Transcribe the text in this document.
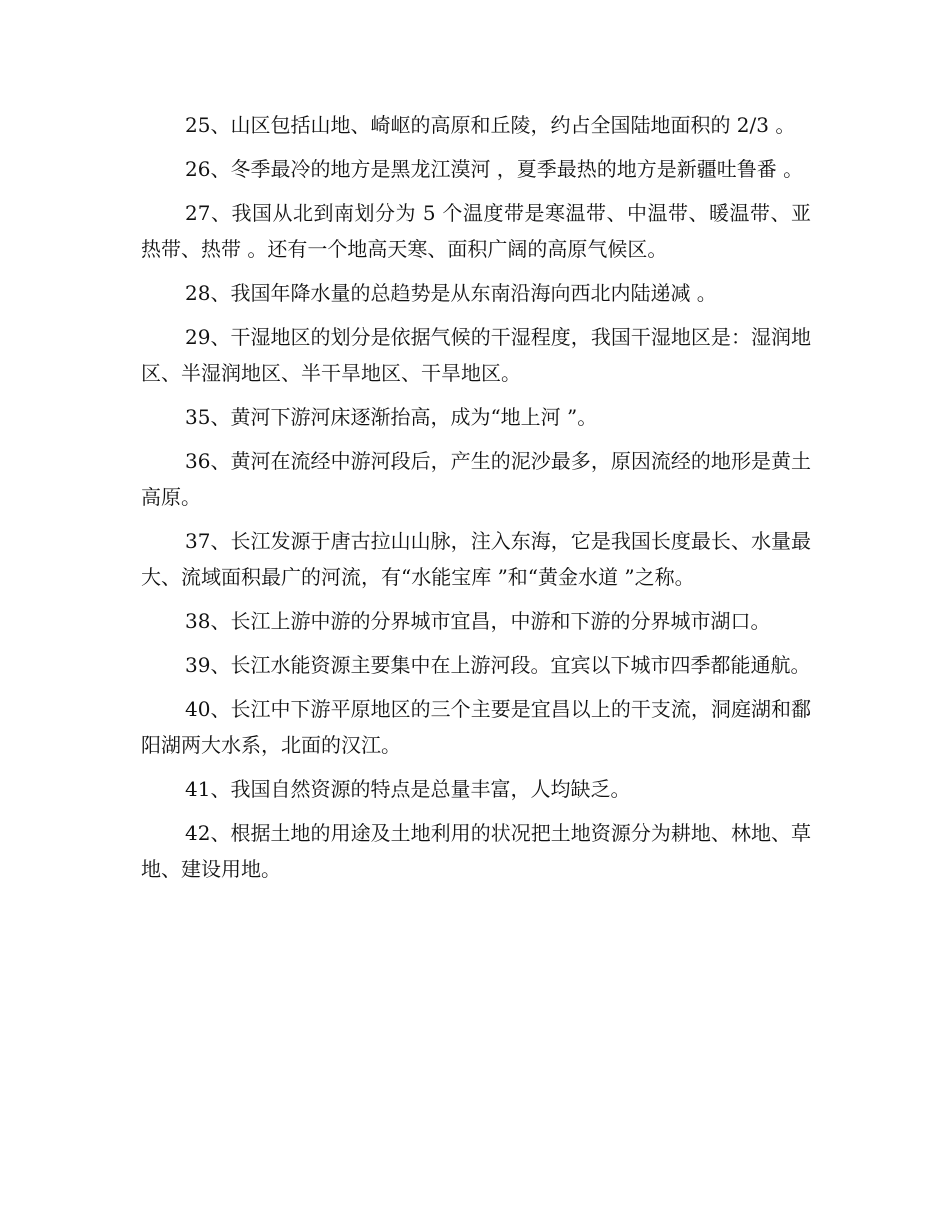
25、山区包括山地、崎岖的高原和丘陵，约占全国陆地面积的 2/3 。

26、冬季最冷的地方是黑龙江漠河 ，夏季最热的地方是新疆吐鲁番 。

27、我国从北到南划分为 5 个温度带是寒温带、中温带、暖温带、亚热带、热带 。还有一个地高天寒、面积广阔的高原气候区。

28、我国年降水量的总趋势是从东南沿海向西北内陆递减 。

29、干湿地区的划分是依据气候的干湿程度，我国干湿地区是：湿润地区、半湿润地区、半干旱地区、干旱地区。

35、黄河下游河床逐渐抬高，成为“地上河 ”。

36、黄河在流经中游河段后，产生的泥沙最多，原因流经的地形是黄土高原。

37、长江发源于唐古拉山山脉，注入东海，它是我国长度最长、水量最大、流域面积最广的河流，有“水能宝库 ”和“黄金水道 ”之称。

38、长江上游中游的分界城市宜昌，中游和下游的分界城市湖口。

39、长江水能资源主要集中在上游河段。宜宾以下城市四季都能通航。

40、长江中下游平原地区的三个主要是宜昌以上的干支流，洞庭湖和鄱阳湖两大水系，北面的汉江。

41、我国自然资源的特点是总量丰富，人均缺乏。

42、根据土地的用途及土地利用的状况把土地资源分为耕地、林地、草地、建设用地。
